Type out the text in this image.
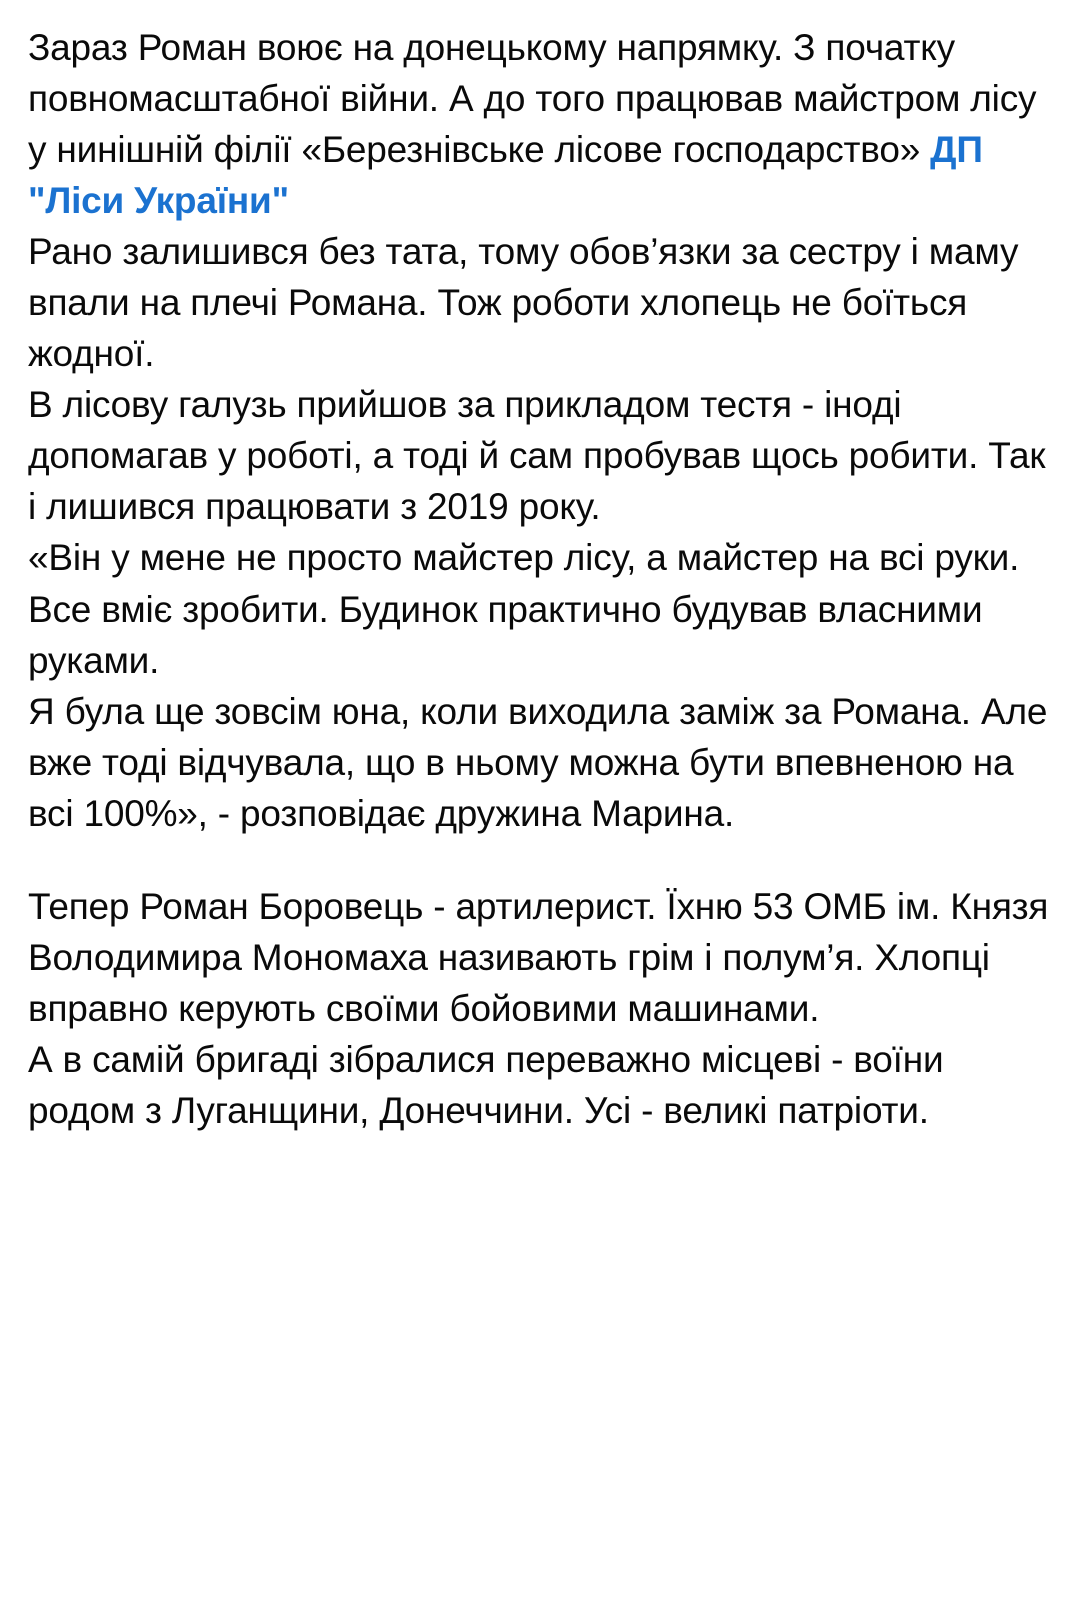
Зараз Роман воює на донецькому напрямку. З початку повномасштабної війни. А до того працював майстром лісу у нинішній філії «Березнівське лісове господарство» ДП "Ліси України"

Рано залишився без тата, тому обов’язки за сестру і маму впали на плечі Романа. Тож роботи хлопець не боїться жодної.

В лісову галузь прийшов за прикладом тестя - іноді допомагав у роботі, а тоді й сам пробував щось робити. Так і лишився працювати з 2019 року.

«Він у мене не просто майстер лісу, а майстер на всі руки. Все вміє зробити. Будинок практично будував власними руками.

Я була ще зовсім юна, коли виходила заміж за Романа. Але вже тоді відчувала, що в ньому можна бути впевненою на всі 100%», - розповідає дружина Марина.

Тепер Роман Боровець - артилерист. Їхню 53 ОМБ ім. Князя Володимира Мономаха називають грім і полум’я. Хлопці вправно керують своїми бойовими машинами.

А в самій бригаді зібралися переважно місцеві - воїни родом з Луганщини, Донеччини. Усі - великі патріоти.
